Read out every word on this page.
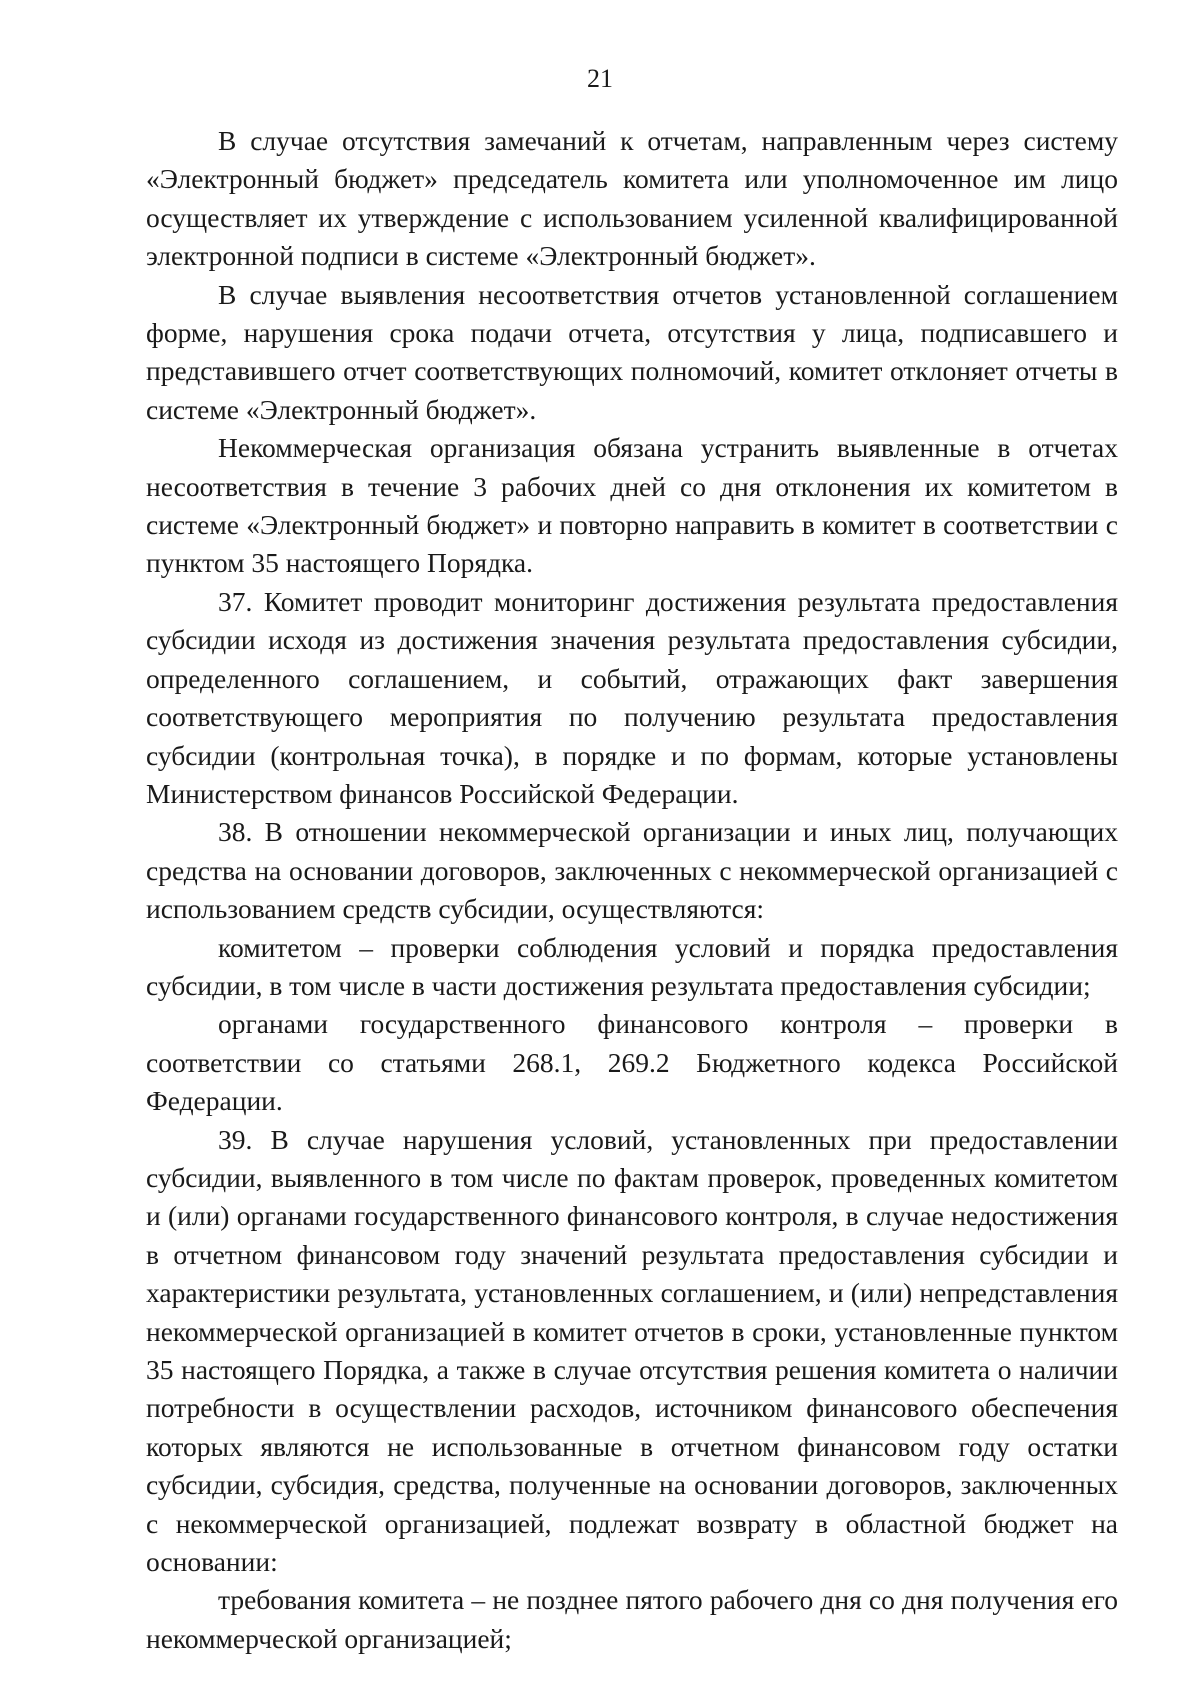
21

В случае отсутствия замечаний к отчетам, направленным через систему «Электронный бюджет» председатель комитета или уполномоченное им лицо осуществляет их утверждение с использованием усиленной квалифицированной электронной подписи в системе «Электронный бюджет».

В случае выявления несоответствия отчетов установленной соглашением форме, нарушения срока подачи отчета, отсутствия у лица, подписавшего и представившего отчет соответствующих полномочий, комитет отклоняет отчеты в системе «Электронный бюджет».

Некоммерческая организация обязана устранить выявленные в отчетах несоответствия в течение 3 рабочих дней со дня отклонения их комитетом в системе «Электронный бюджет» и повторно направить в комитет в соответствии с пунктом 35 настоящего Порядка.

37. Комитет проводит мониторинг достижения результата предоставления субсидии исходя из достижения значения результата предоставления субсидии, определенного соглашением, и событий, отражающих факт завершения соответствующего мероприятия по получению результата предоставления субсидии (контрольная точка), в порядке и по формам, которые установлены Министерством финансов Российской Федерации.

38. В отношении некоммерческой организации и иных лиц, получающих средства на основании договоров, заключенных с некоммерческой организацией с использованием средств субсидии, осуществляются:

комитетом – проверки соблюдения условий и порядка предоставления субсидии, в том числе в части достижения результата предоставления субсидии;

органами государственного финансового контроля – проверки в соответствии со статьями 268.1, 269.2 Бюджетного кодекса Российской Федерации.

39. В случае нарушения условий, установленных при предоставлении субсидии, выявленного в том числе по фактам проверок, проведенных комитетом и (или) органами государственного финансового контроля, в случае недостижения в отчетном финансовом году значений результата предоставления субсидии и характеристики результата, установленных соглашением, и (или) непредставления некоммерческой организацией в комитет отчетов в сроки, установленные пунктом 35 настоящего Порядка, а также в случае отсутствия решения комитета о наличии потребности в осуществлении расходов, источником финансового обеспечения которых являются не использованные в отчетном финансовом году остатки субсидии, субсидия, средства, полученные на основании договоров, заключенных с некоммерческой организацией, подлежат возврату в областной бюджет на основании:

требования комитета – не позднее пятого рабочего дня со дня получения его некоммерческой организацией;
